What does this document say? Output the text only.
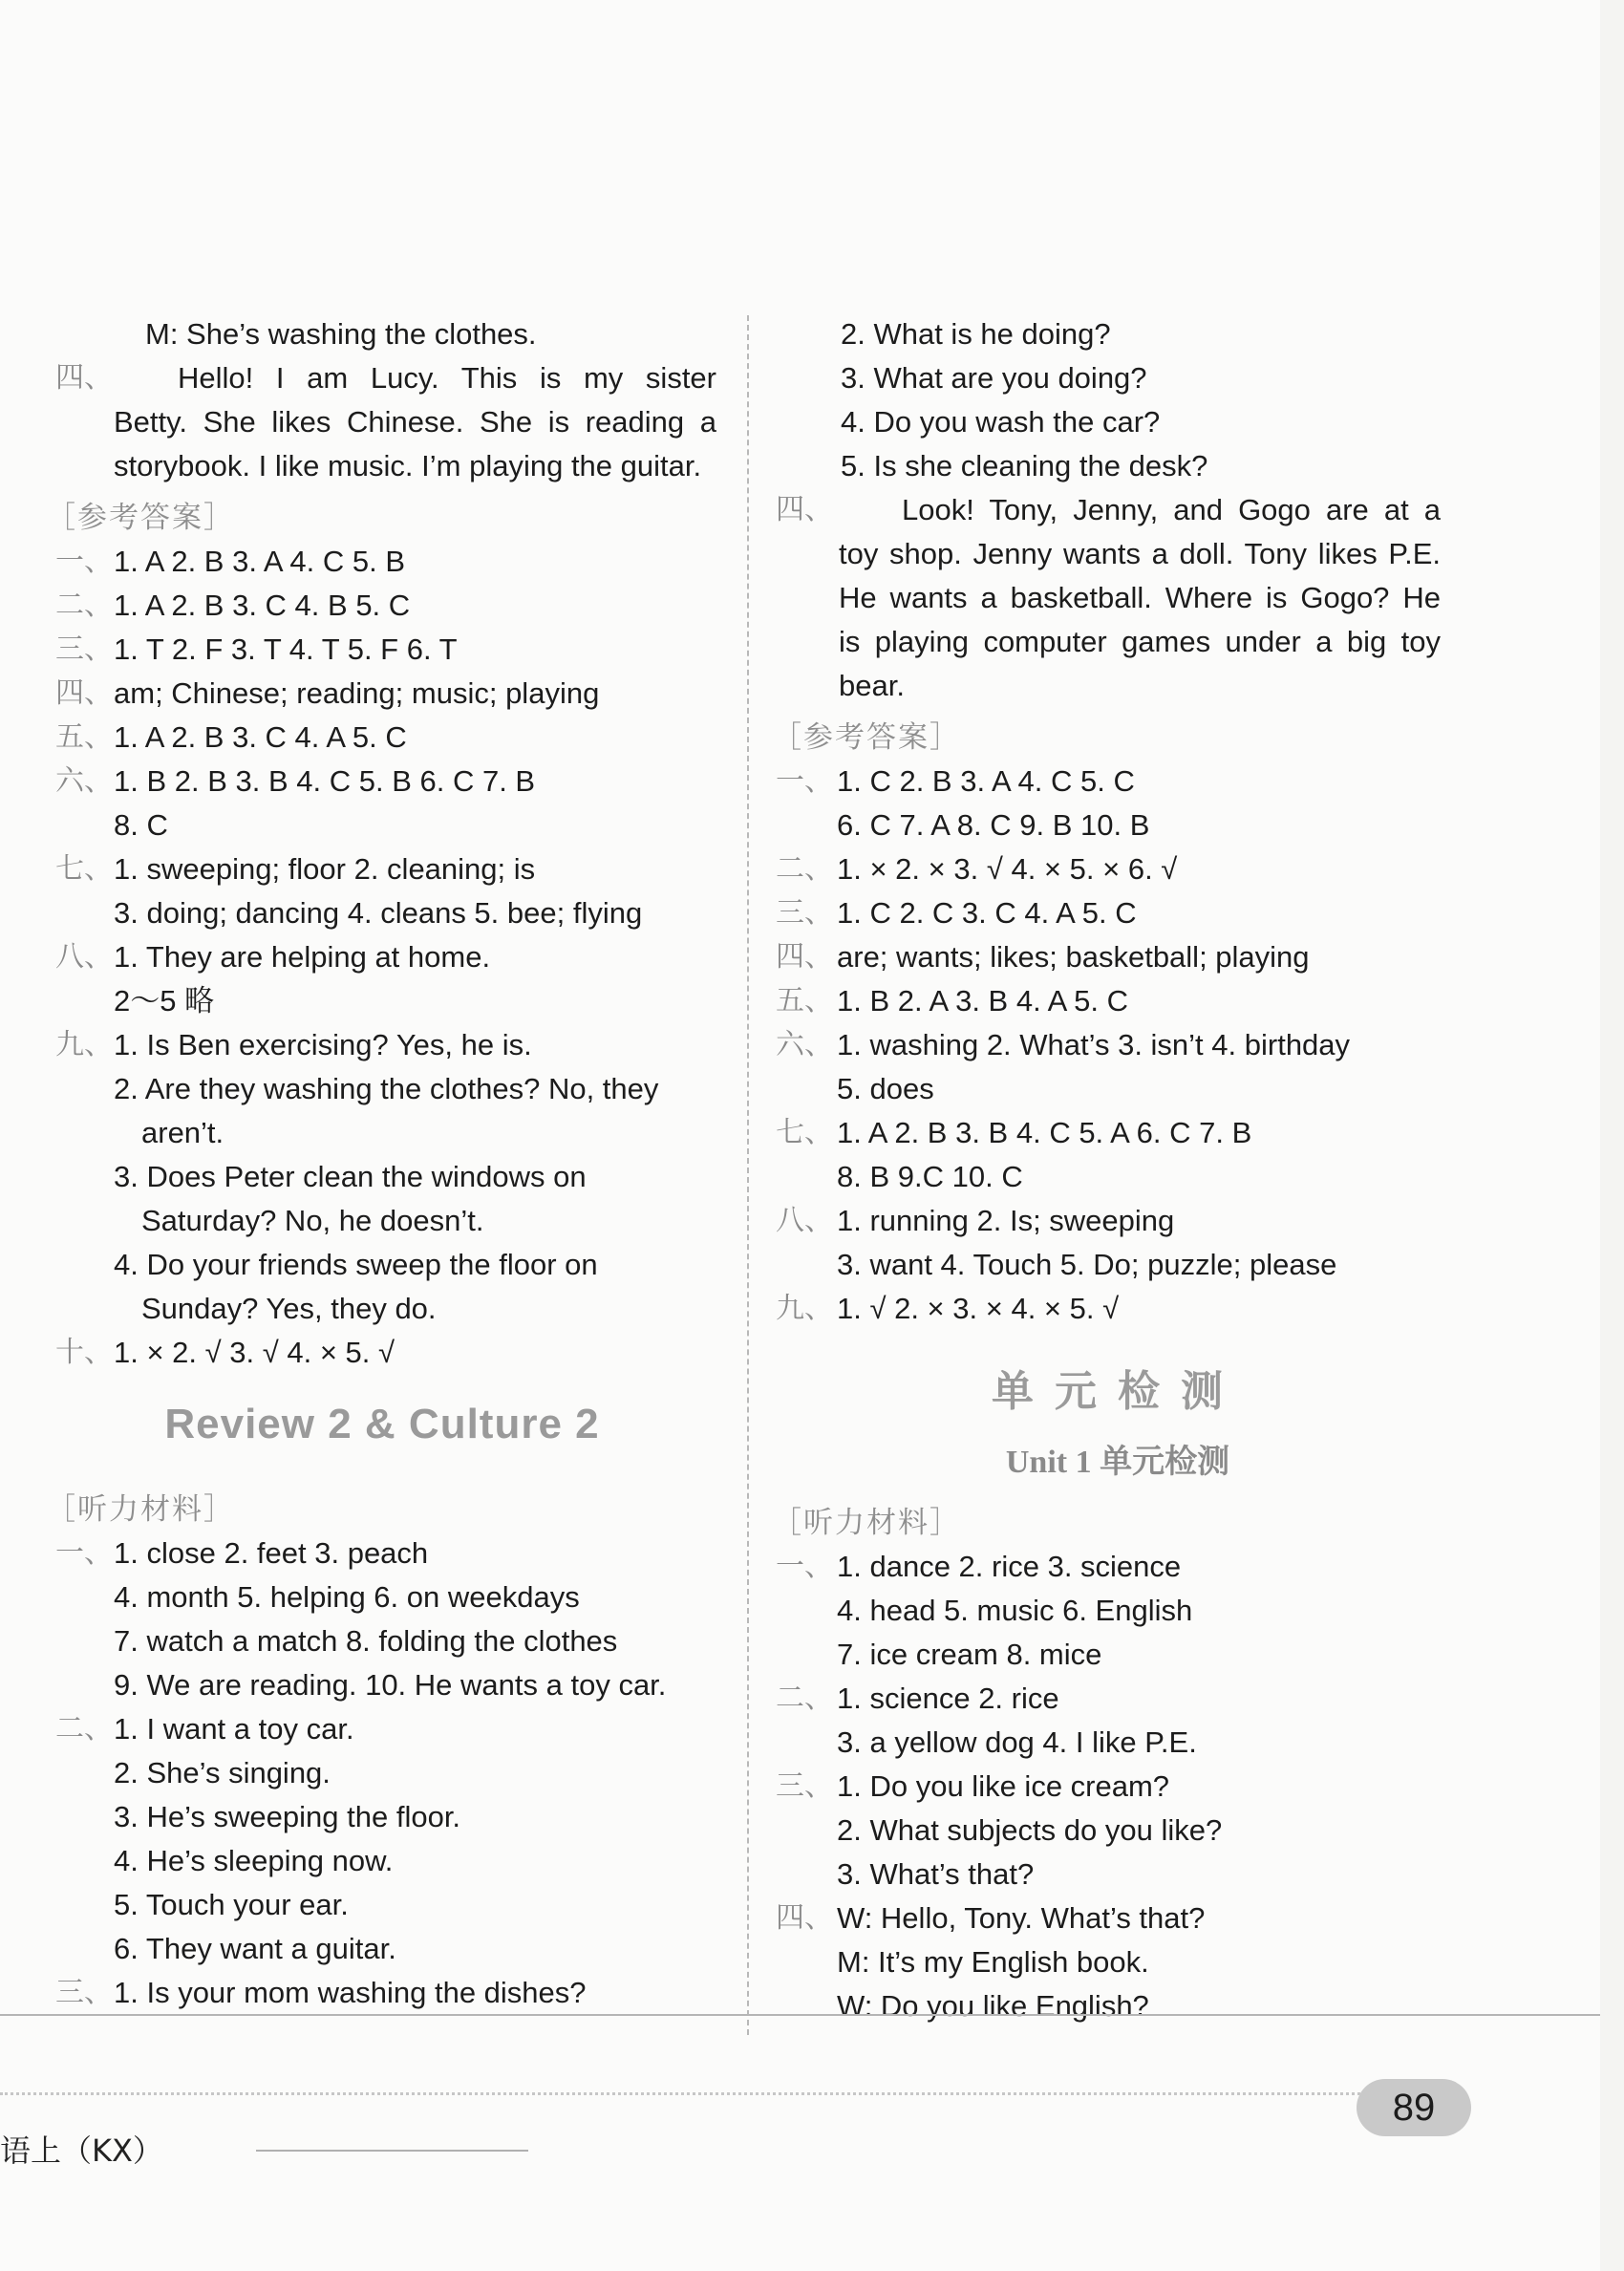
M: She’s washing the clothes.
四、 Hello! I am Lucy. This is my sister
Betty. She likes Chinese. She is reading a
storybook. I like music. I’m playing the guitar.
［参考答案］
一、 1. A 2. B 3. A 4. C 5. B
二、 1. A 2. B 3. C 4. B 5. C
三、 1. T 2. F 3. T 4. T 5. F 6. T
四、 am; Chinese; reading; music; playing
五、 1. A 2. B 3. C 4. A 5. C
六、 1. B 2. B 3. B 4. C 5. B 6. C 7. B
8. C
七、 1. sweeping; floor 2. cleaning; is
3. doing; dancing 4. cleans 5. bee; flying
八、 1. They are helping at home.
2～5 略
九、 1. Is Ben exercising? Yes, he is.
2. Are they washing the clothes? No, they
aren’t.
3. Does Peter clean the windows on
Saturday? No, he doesn’t.
4. Do your friends sweep the floor on
Sunday? Yes, they do.
十、 1. × 2. √ 3. √ 4. × 5. √
Review 2 & Culture 2
［听力材料］
一、 1. close 2. feet 3. peach
4. month 5. helping 6. on weekdays
7. watch a match 8. folding the clothes
9. We are reading. 10. He wants a toy car.
二、 1. I want a toy car.
2. She’s singing.
3. He’s sweeping the floor.
4. He’s sleeping now.
5. Touch your ear.
6. They want a guitar.
三、 1. Is your mom washing the dishes?
2. What is he doing?
3. What are you doing?
4. Do you wash the car?
5. Is she cleaning the desk?
四、 Look! Tony, Jenny, and Gogo are at a
toy shop. Jenny wants a doll. Tony likes P.E.
He wants a basketball. Where is Gogo? He
is playing computer games under a big toy
bear.
［参考答案］
一、 1. C 2. B 3. A 4. C 5. C
6. C 7. A 8. C 9. B 10. B
二、 1. × 2. × 3. √ 4. × 5. × 6. √
三、 1. C 2. C 3. C 4. A 5. C
四、 are; wants; likes; basketball; playing
五、 1. B 2. A 3. B 4. A 5. C
六、 1. washing 2. What’s 3. isn’t 4. birthday
5. does
七、 1. A 2. B 3. B 4. C 5. A 6. C 7. B
8. B 9.C 10. C
八、 1. running 2. Is; sweeping
3. want 4. Touch 5. Do; puzzle; please
九、 1. √ 2. × 3. × 4. × 5. √
单元检测
Unit 1 单元检测
［听力材料］
一、 1. dance 2. rice 3. science
4. head 5. music 6. English
7. ice cream 8. mice
二、 1. science 2. rice
3. a yellow dog 4. I like P.E.
三、 1. Do you like ice cream?
2. What subjects do you like?
3. What’s that?
四、 W: Hello, Tony. What’s that?
M: It’s my English book.
W: Do you like English?
语上（KX）
89
